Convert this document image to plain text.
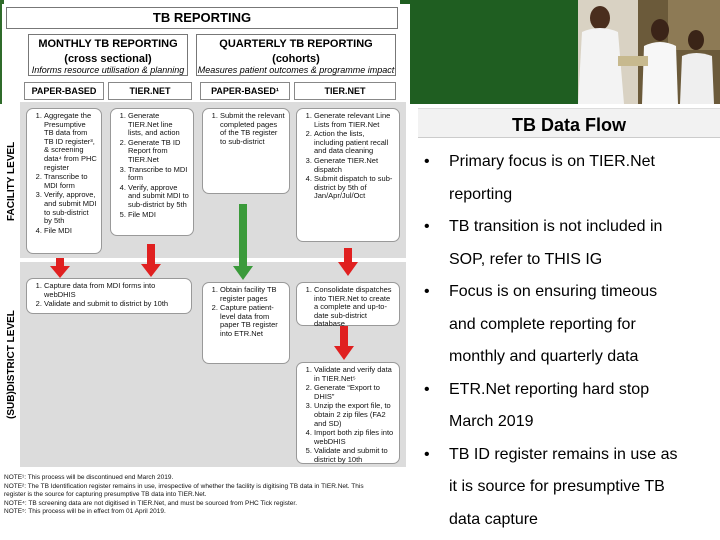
TB REPORTING
MONTHLY TB REPORTING
(cross sectional)
Informs resource utilisation & planning
QUARTERLY TB REPORTING
(cohorts)
Measures patient outcomes & programme impact
PAPER-BASED	TIER.NET	PAPER-BASED¹	TIER.NET
FACILITY LEVEL
(SUB)DISTRICT LEVEL
1. Aggregate the Presumptive TB data from TB ID register³, & screening data⁴ from PHC register
2. Transcribe to MDI form
3. Verify, approve, and submit MDI to sub-district by 5th
4. File MDI
1. Generate TIER.Net line lists, and action
2. Generate TB ID Report from TIER.Net
3. Transcribe to MDI form
4. Verify, approve and submit MDI to sub-district by 5th
5. File MDI
1. Submit the relevant completed pages of the TB register to sub-district
1. Generate relevant Line Lists from TIER.Net
2. Action the lists, including patient recall and data cleaning
3. Generate TIER.Net dispatch
4. Submit dispatch to sub-district by 5th of Jan/Apr/Jul/Oct
1. Capture data from MDI forms into webDHIS
2. Validate and submit to district by 10th
1. Obtain facility TB register pages
2. Capture patient-level data from paper TB register into ETR.Net
1. Consolidate dispatches into TIER.Net to create a complete and up-to-date sub-district database
1. Validate and verify data in TIER.Net⁵
2. Generate “Export to DHIS”
3. Unzip the export file, to obtain 2 zip files (FA2 and SD)
4. Import both zip files into webDHIS
5. Validate and submit to district by 10th
NOTE¹: This process will be discontinued end March 2019.
NOTE²: The TB Identification register remains in use, irrespective of whether the facility is digitising TB data in TIER.Net. This
register is the source for capturing presumptive TB data into TIER.Net.
NOTE⁴: TB screening data are not digitised in TIER.Net, and must be sourced from PHC Tick register.
NOTE⁵: This process will be in effect from 01 April 2019.
TB Data Flow
• Primary focus is on TIER.Net
reporting
• TB transition is not included in
SOP, refer to THIS IG
• Focus is on ensuring timeous
and complete reporting for
monthly and quarterly data
• ETR.Net reporting hard stop
March 2019
• TB ID register remains in use as
it is source for presumptive TB
data capture
